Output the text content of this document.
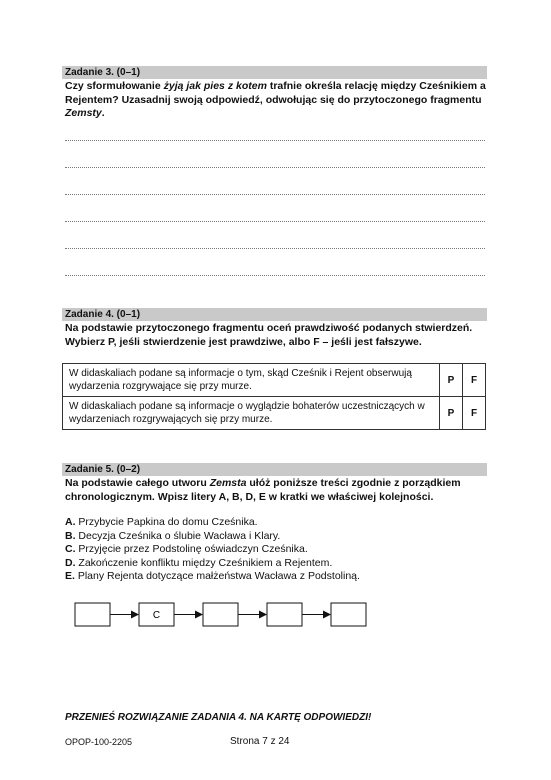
Zadanie 3. (0–1)
Czy sformułowanie żyją jak pies z kotem trafnie określa relację między Cześnikiem a Rejentem? Uzasadnij swoją odpowiedź, odwołując się do przytoczonego fragmentu Zemsty.
Zadanie 4. (0–1)
Na podstawie przytoczonego fragmentu oceń prawdziwość podanych stwierdzeń.
Wybierz P, jeśli stwierdzenie jest prawdziwe, albo F – jeśli jest fałszywe.
W didaskaliach podane są informacje o tym, skąd Cześnik i Rejent obserwują wydarzenia rozgrywające się przy murze.	P	F
W didaskaliach podane są informacje o wyglądzie bohaterów uczestniczących w wydarzeniach rozgrywających się przy murze.	P	F
Zadanie 5. (0–2)
Na podstawie całego utworu Zemsta ułóż poniższe treści zgodnie z porządkiem chronologicznym. Wpisz litery A, B, D, E w kratki we właściwej kolejności.
A. Przybycie Papkina do domu Cześnika.
B. Decyzja Cześnika o ślubie Wacława i Klary.
C. Przyjęcie przez Podstolinę oświadczyn Cześnika.
D. Zakończenie konfliktu między Cześnikiem a Rejentem.
E. Plany Rejenta dotyczące małżeństwa Wacława z Podstoliną.
C
PRZENIEŚ ROZWIĄZANIE ZADANIA 4. NA KARTĘ ODPOWIEDZI!
OPOP-100-2205	Strona 7 z 24
